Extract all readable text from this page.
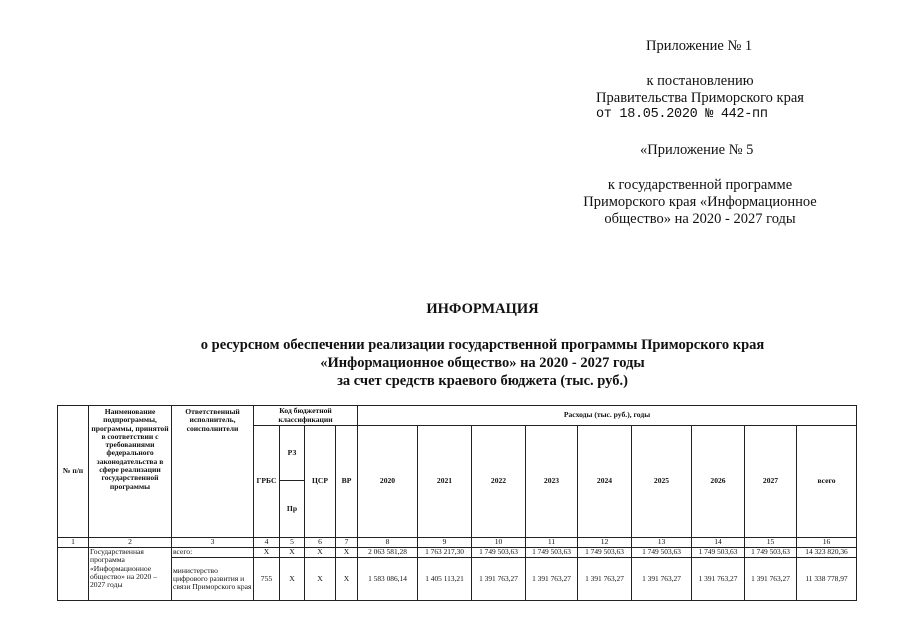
Приложение № 1
к постановлению
Правительства Приморского края
от 18.05.2020 № 442-пп
«Приложение № 5
к государственной программе
Приморского края «Информационное
общество» на 2020 - 2027 годы
ИНФОРМАЦИЯ
о ресурсном обеспечении реализации государственной программы Приморского края
«Информационное общество» на 2020 - 2027 годы
за счет средств краевого бюджета (тыс. руб.)
№ п/п	Наименование подпрограммы, программы, принятой в соответствии с требованиями федерального законодательства в сфере реализации государственной программы	Ответственный исполнитель, соисполнители	Код бюджетной классификации				Расходы (тыс. руб.), годы								
			ГРБС	РЗ	ЦСР	ВР	2020	2021	2022	2023	2024	2025	2026	2027	всего
				Пр											
1	2	3	4	5	6	7	8	9	10	11	12	13	14	15	16
	Государственная программа «Информационное общество» на 2020 – 2027 годы	всего:	X	X	X	X	2 063 581,28	1 763 217,30	1 749 503,63	1 749 503,63	1 749 503,63	1 749 503,63	1 749 503,63	1 749 503,63	14 323 820,36
		министерство цифрового развития и связи Приморского края	755	X	X	X	1 583 086,14	1 405 113,21	1 391 763,27	1 391 763,27	1 391 763,27	1 391 763,27	1 391 763,27	1 391 763,27	11 338 778,97
